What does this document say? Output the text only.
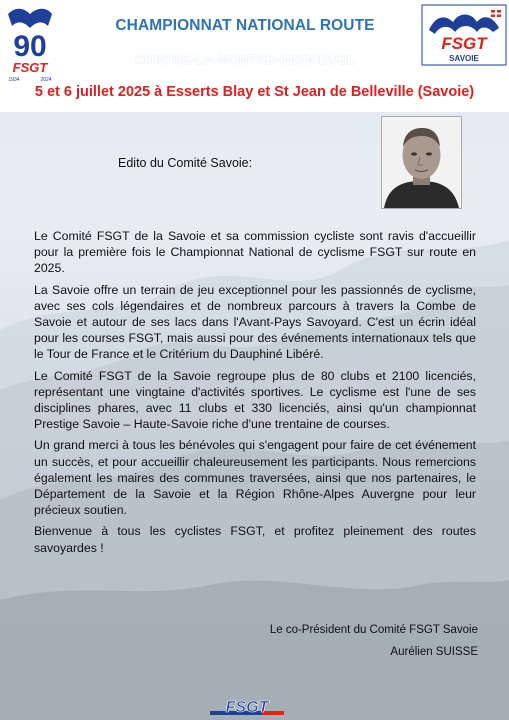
90
FSGT
1934	2024
CHAMPIONNAT NATIONAL ROUTE
CONTRE-LA-MONTRE-INDIVIDUEL
FSGT
SAVOIE
5 et 6 juillet 2025 à Esserts Blay et St Jean de Belleville (Savoie)
Edito du Comité Savoie:

Le Comité FSGT de la Savoie et sa commission cycliste sont ravis d'accueillir pour la première fois le Championnat National de cyclisme FSGT sur route en 2025.

La Savoie offre un terrain de jeu exceptionnel pour les passionnés de cyclisme, avec ses cols légendaires et de nombreux parcours à travers la Combe de Savoie et autour de ses lacs dans l'Avant-Pays Savoyard. C'est un écrin idéal pour les courses FSGT, mais aussi pour des événements internationaux tels que le Tour de France et le Critérium du Dauphiné Libéré.

Le Comité FSGT de la Savoie regroupe plus de 80 clubs et 2100 licenciés, représentant une vingtaine d'activités sportives. Le cyclisme est l'une de ses disciplines phares, avec 11 clubs et 330 licenciés, ainsi qu'un championnat Prestige Savoie – Haute-Savoie riche d'une trentaine de courses.

Un grand merci à tous les bénévoles qui s'engagent pour faire de cet événement un succès, et pour accueillir chaleureusement les participants. Nous remercions également les maires des communes traversées, ainsi que nos partenaires, le Département de la Savoie et la Région Rhône-Alpes Auvergne pour leur précieux soutien.

Bienvenue à tous les cyclistes FSGT, et profitez pleinement des routes savoyardes !

Le co-Président du Comité FSGT Savoie
Aurélien SUISSE
FSGT
